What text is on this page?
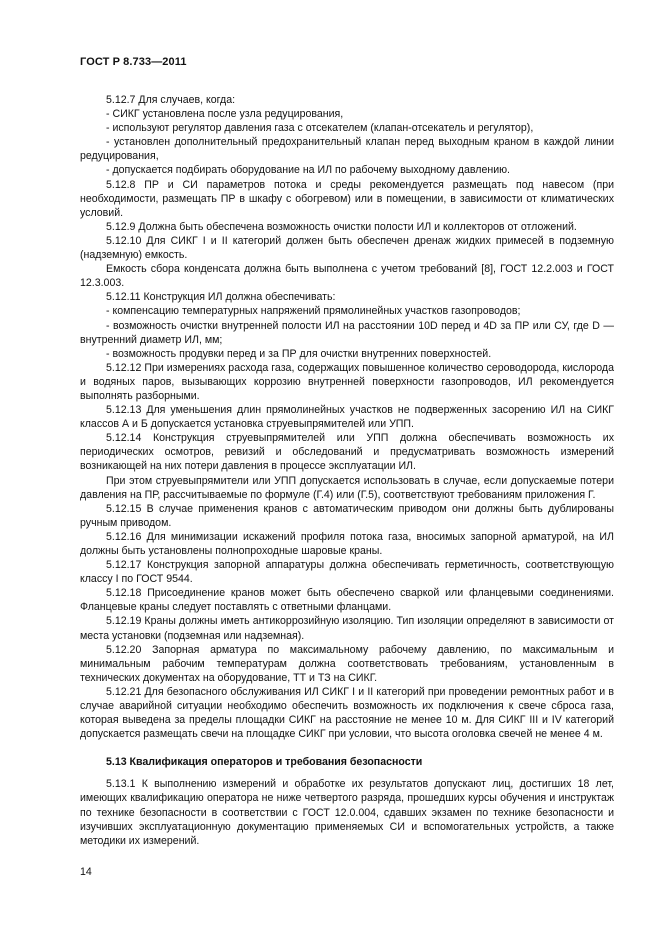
ГОСТ Р 8.733—2011

5.12.7 Для случаев, когда:

- СИКГ установлена после узла редуцирования,

- используют регулятор давления газа с отсекателем (клапан-отсекатель и регулятор),

- установлен дополнительный предохранительный клапан перед выходным краном в каждой линии редуцирования,

- допускается подбирать оборудование на ИЛ по рабочему выходному давлению.

5.12.8 ПР и СИ параметров потока и среды рекомендуется размещать под навесом (при необходимости, размещать ПР в шкафу с обогревом) или в помещении, в зависимости от климатических условий.

5.12.9 Должна быть обеспечена возможность очистки полости ИЛ и коллекторов от отложений.

5.12.10 Для СИКГ I и II категорий должен быть обеспечен дренаж жидких примесей в подземную (надземную) емкость.

Емкость сбора конденсата должна быть выполнена с учетом требований [8], ГОСТ 12.2.003 и ГОСТ 12.3.003.

5.12.11 Конструкция ИЛ должна обеспечивать:

- компенсацию температурных напряжений прямолинейных участков газопроводов;

- возможность очистки внутренней полости ИЛ на расстоянии 10D перед и 4D за ПР или СУ, где D — внутренний диаметр ИЛ, мм;

- возможность продувки перед и за ПР для очистки внутренних поверхностей.

5.12.12 При измерениях расхода газа, содержащих повышенное количество сероводорода, кислорода и водяных паров, вызывающих коррозию внутренней поверхности газопроводов, ИЛ рекомендуется выполнять разборными.

5.12.13 Для уменьшения длин прямолинейных участков не подверженных засорению ИЛ на СИКГ классов А и Б допускается установка струевыпрямителей или УПП.

5.12.14 Конструкция струевыпрямителей или УПП должна обеспечивать возможность их периодических осмотров, ревизий и обследований и предусматривать возможность измерений возникающей на них потери давления в процессе эксплуатации ИЛ.

При этом струевыпрямители или УПП допускается использовать в случае, если допускаемые потери давления на ПР, рассчитываемые по формуле (Г.4) или (Г.5), соответствуют требованиям приложения Г.

5.12.15 В случае применения кранов с автоматическим приводом они должны быть дублированы ручным приводом.

5.12.16 Для минимизации искажений профиля потока газа, вносимых запорной арматурой, на ИЛ должны быть установлены полнопроходные шаровые краны.

5.12.17 Конструкция запорной аппаратуры должна обеспечивать герметичность, соответствующую классу I по ГОСТ 9544.

5.12.18 Присоединение кранов может быть обеспечено сваркой или фланцевыми соединениями. Фланцевые краны следует поставлять с ответными фланцами.

5.12.19 Краны должны иметь антикоррозийную изоляцию. Тип изоляции определяют в зависимости от места установки (подземная или надземная).

5.12.20 Запорная арматура по максимальному рабочему давлению, по максимальным и минимальным рабочим температурам должна соответствовать требованиям, установленным в технических документах на оборудование, ТТ и ТЗ на СИКГ.

5.12.21 Для безопасного обслуживания ИЛ СИКГ I и II категорий при проведении ремонтных работ и в случае аварийной ситуации необходимо обеспечить возможность их подключения к свече сброса газа, которая выведена за пределы площадки СИКГ на расстояние не менее 10 м. Для СИКГ III и IV категорий допускается размещать свечи на площадке СИКГ при условии, что высота оголовка свечей не менее 4 м.

5.13 Квалификация операторов и требования безопасности

5.13.1 К выполнению измерений и обработке их результатов допускают лиц, достигших 18 лет, имеющих квалификацию оператора не ниже четвертого разряда, прошедших курсы обучения и инструктаж по технике безопасности в соответствии с ГОСТ 12.0.004, сдавших экзамен по технике безопасности и изучивших эксплуатационную документацию применяемых СИ и вспомогательных устройств, а также методики их измерений.

14
